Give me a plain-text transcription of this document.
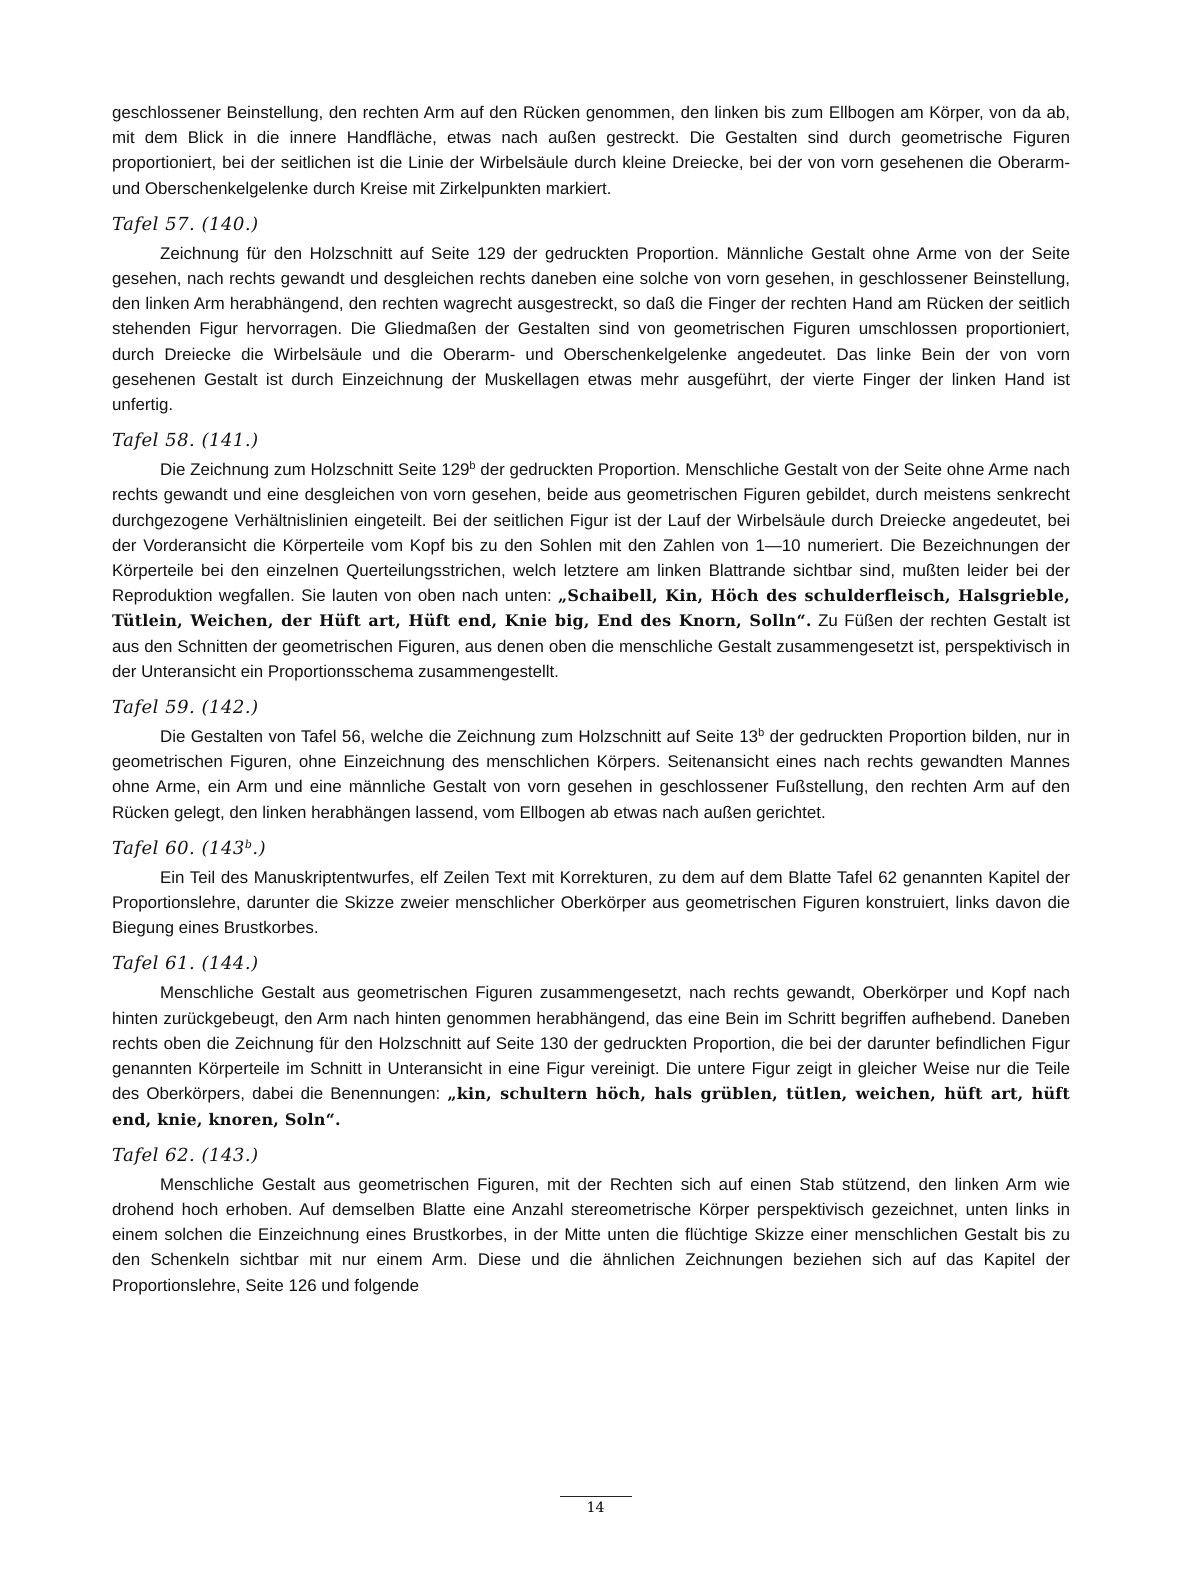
geschlossener Beinstellung, den rechten Arm auf den Rücken genommen, den linken bis zum Ellbogen am Körper, von da ab, mit dem Blick in die innere Handfläche, etwas nach außen gestreckt. Die Gestalten sind durch geometrische Figuren proportioniert, bei der seitlichen ist die Linie der Wirbelsäule durch kleine Dreiecke, bei der von vorn gesehenen die Oberarm- und Oberschenkelgelenke durch Kreise mit Zirkelpunkten markiert.

Tafel 57. (140.)

Zeichnung für den Holzschnitt auf Seite 129 der gedruckten Proportion. Männliche Gestalt ohne Arme von der Seite gesehen, nach rechts gewandt und desgleichen rechts daneben eine solche von vorn gesehen, in geschlossener Beinstellung, den linken Arm herabhängend, den rechten wagrecht ausgestreckt, so daß die Finger der rechten Hand am Rücken der seitlich stehenden Figur hervorragen. Die Gliedmaßen der Gestalten sind von geometrischen Figuren umschlossen proportioniert, durch Dreiecke die Wirbelsäule und die Oberarm- und Oberschenkelgelenke angedeutet. Das linke Bein der von vorn gesehenen Gestalt ist durch Einzeichnung der Muskellagen etwas mehr ausgeführt, der vierte Finger der linken Hand ist unfertig.

Tafel 58. (141.)

Die Zeichnung zum Holzschnitt Seite 129$^b$ der gedruckten Proportion. Menschliche Gestalt von der Seite ohne Arme nach rechts gewandt und eine desgleichen von vorn gesehen, beide aus geometrischen Figuren gebildet, durch meistens senkrecht durchgezogene Verhältnislinien eingeteilt. Bei der seitlichen Figur ist der Lauf der Wirbelsäule durch Dreiecke angedeutet, bei der Vorderansicht die Körperteile vom Kopf bis zu den Sohlen mit den Zahlen von 1—10 numeriert. Die Bezeichnungen der Körperteile bei den einzelnen Querteilungsstrichen, welch letztere am linken Blattrande sichtbar sind, mußten leider bei der Reproduktion wegfallen. Sie lauten von oben nach unten: „Schaibell, Kin, Höch des schulderfleisch, Halsgrieble, Tütlein, Weichen, der Hüft art, Hüft end, Knie big, End des Knorn, Solln“. Zu Füßen der rechten Gestalt ist aus den Schnitten der geometrischen Figuren, aus denen oben die menschliche Gestalt zusammengesetzt ist, perspektivisch in der Unteransicht ein Proportionsschema zusammengestellt.

Tafel 59. (142.)

Die Gestalten von Tafel 56, welche die Zeichnung zum Holzschnitt auf Seite 13$^b$ der gedruckten Proportion bilden, nur in geometrischen Figuren, ohne Einzeichnung des menschlichen Körpers. Seitenansicht eines nach rechts gewandten Mannes ohne Arme, ein Arm und eine männliche Gestalt von vorn gesehen in geschlossener Fußstellung, den rechten Arm auf den Rücken gelegt, den linken herabhängen lassend, vom Ellbogen ab etwas nach außen gerichtet.

Tafel 60. (143$^b$.)

Ein Teil des Manuskriptentwurfes, elf Zeilen Text mit Korrekturen, zu dem auf dem Blatte Tafel 62 genannten Kapitel der Proportionslehre, darunter die Skizze zweier menschlicher Oberkörper aus geometrischen Figuren konstruiert, links davon die Biegung eines Brustkorbes.

Tafel 61. (144.)

Menschliche Gestalt aus geometrischen Figuren zusammengesetzt, nach rechts gewandt, Oberkörper und Kopf nach hinten zurückgebeugt, den Arm nach hinten genommen herabhängend, das eine Bein im Schritt begriffen aufhebend. Daneben rechts oben die Zeichnung für den Holzschnitt auf Seite 130 der gedruckten Proportion, die bei der darunter befindlichen Figur genannten Körperteile im Schnitt in Unteransicht in eine Figur vereinigt. Die untere Figur zeigt in gleicher Weise nur die Teile des Oberkörpers, dabei die Benennungen: „kin, schultern höch, hals grüblen, tütlen, weichen, hüft art, hüft end, knie, knoren, Soln“.

Tafel 62. (143.)

Menschliche Gestalt aus geometrischen Figuren, mit der Rechten sich auf einen Stab stützend, den linken Arm wie drohend hoch erhoben. Auf demselben Blatte eine Anzahl stereometrische Körper perspektivisch gezeichnet, unten links in einem solchen die Einzeichnung eines Brustkorbes, in der Mitte unten die flüchtige Skizze einer menschlichen Gestalt bis zu den Schenkeln sichtbar mit nur einem Arm. Diese und die ähnlichen Zeichnungen beziehen sich auf das Kapitel der Proportionslehre, Seite 126 und folgende

14
